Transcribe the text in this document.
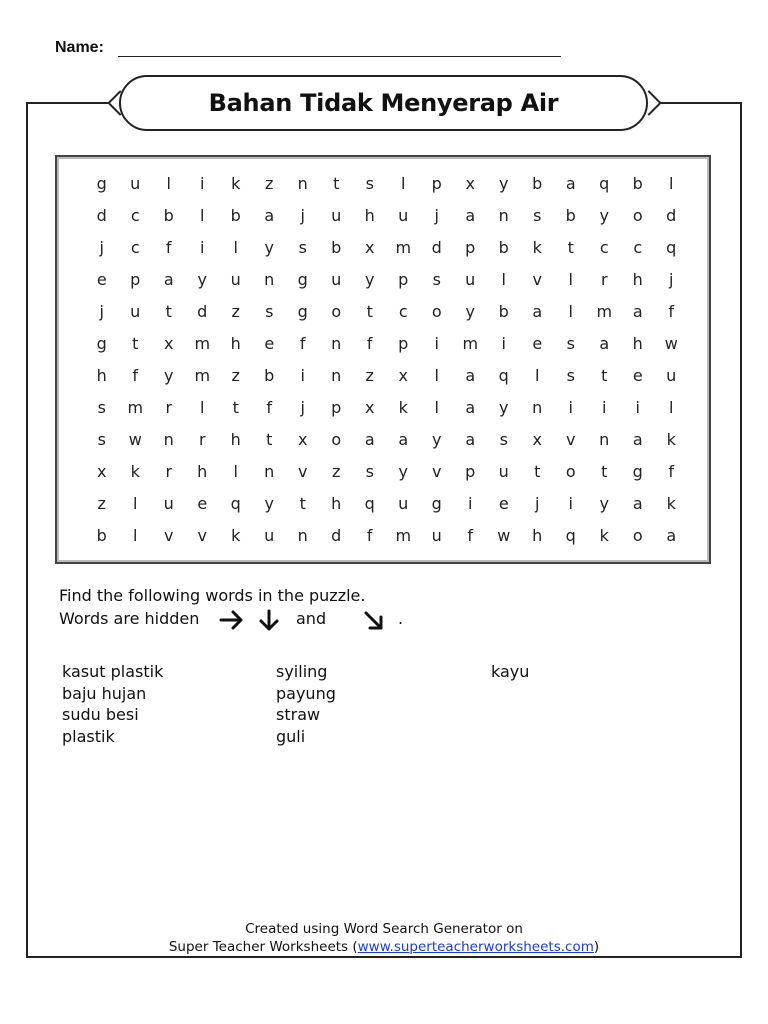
Name:
Bahan Tidak Menyerap Air
g	u	l	i	k	z	n	t	s	l	p	x	y	b	a	q	b	l
d	c	b	l	b	a	j	u	h	u	j	a	n	s	b	y	o	d
j	c	f	i	l	y	s	b	x	m	d	p	b	k	t	c	c	q
e	p	a	y	u	n	g	u	y	p	s	u	l	v	l	r	h	j
j	u	t	d	z	s	g	o	t	c	o	y	b	a	l	m	a	f
g	t	x	m	h	e	f	n	f	p	i	m	i	e	s	a	h	w
h	f	y	m	z	b	i	n	z	x	l	a	q	l	s	t	e	u
s	m	r	l	t	f	j	p	x	k	l	a	y	n	i	i	i	l
s	w	n	r	h	t	x	o	a	a	y	a	s	x	v	n	a	k
x	k	r	h	l	n	v	z	s	y	v	p	u	t	o	t	g	f
z	l	u	e	q	y	t	h	q	u	g	i	e	j	i	y	a	k
b	l	v	v	k	u	n	d	f	m	u	f	w	h	q	k	o	a
Find the following words in the puzzle.
Words are hidden	and	.
kasut plastik
baju hujan
sudu besi
plastik
syiling
payung
straw
guli
kayu
Created using Word Search Generator on
Super Teacher Worksheets (www.superteacherworksheets.com)
